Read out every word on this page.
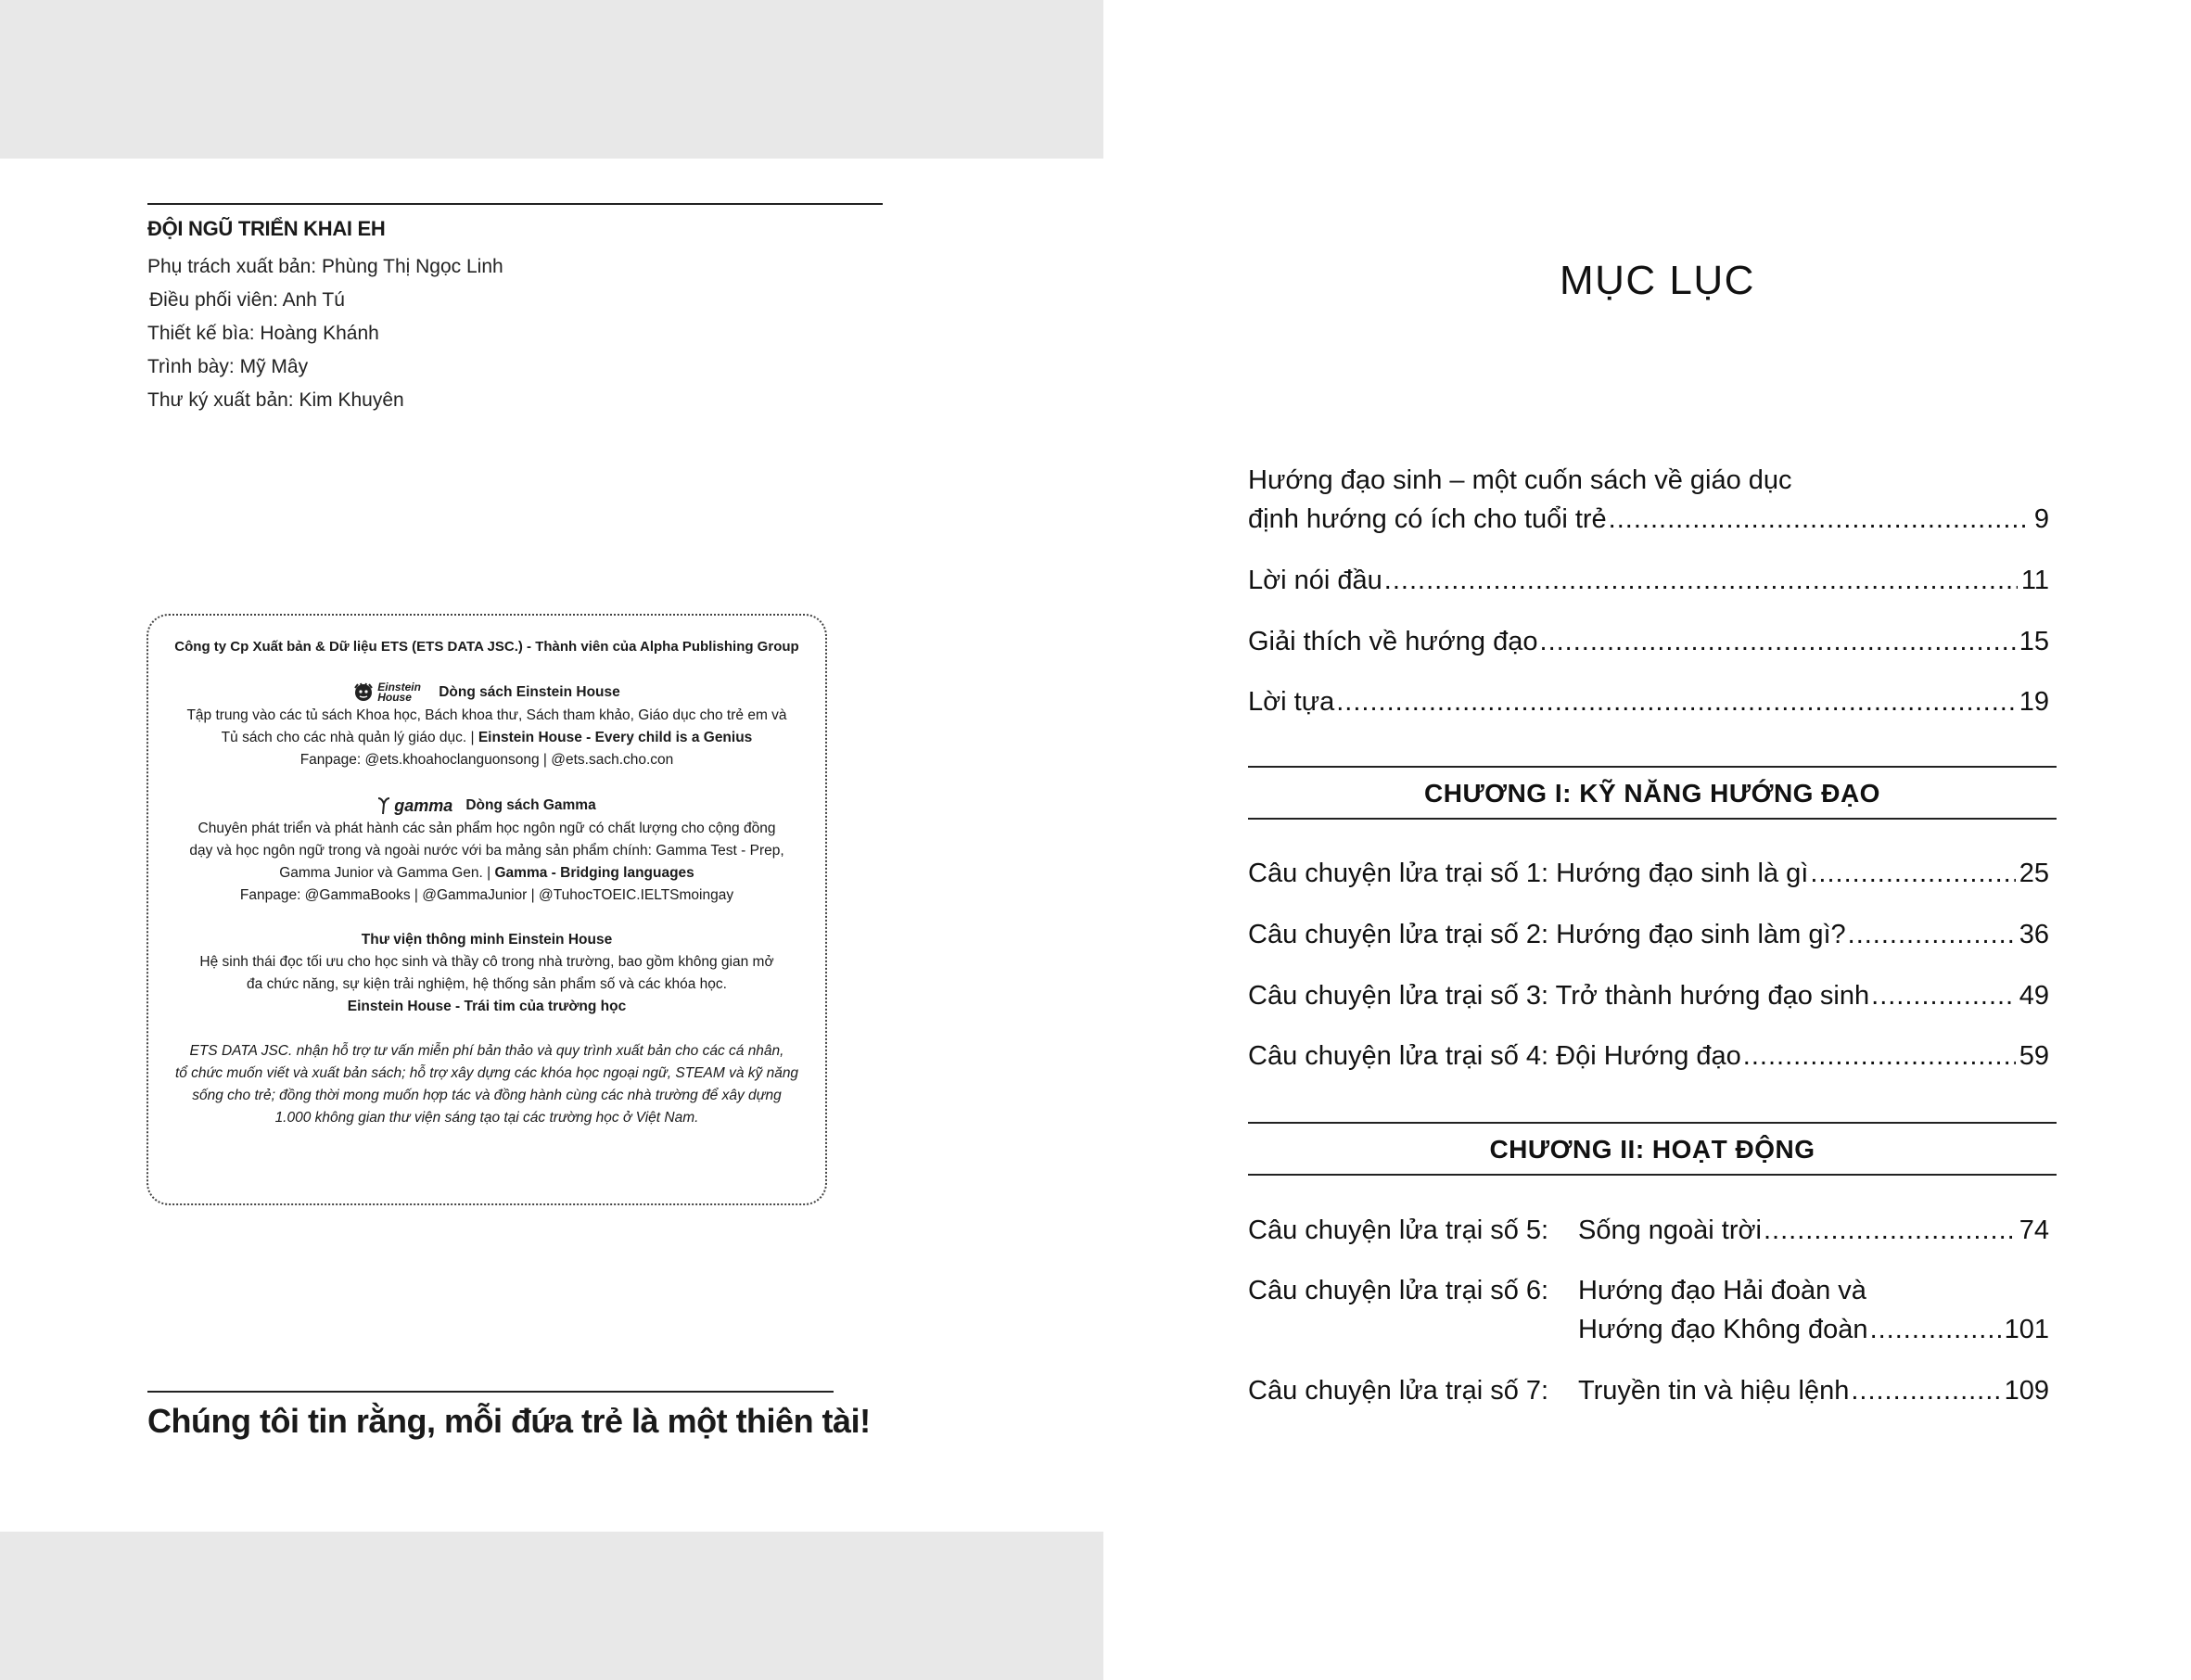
ĐỘI NGŨ TRIỂN KHAI EH
Phụ trách xuất bản: Phùng Thị Ngọc Linh
Điều phối viên: Anh Tú
Thiết kế bìa: Hoàng Khánh
Trình bày: Mỹ Mây
Thư ký xuất bản: Kim Khuyên

Công ty Cp Xuất bản & Dữ liệu ETS (ETS DATA JSC.) - Thành viên của Alpha Publishing Group

Einstein House	Dòng sách Einstein House

Tập trung vào các tủ sách Khoa học, Bách khoa thư, Sách tham khảo, Giáo dục cho trẻ em và

Tủ sách cho các nhà quản lý giáo dục. | Einstein House - Every child is a Genius

Fanpage: @ets.khoahoclanguonsong | @ets.sach.cho.con

gamma Dòng sách Gamma

Chuyên phát triển và phát hành các sản phẩm học ngôn ngữ có chất lượng cho cộng đồng

dạy và học ngôn ngữ trong và ngoài nước với ba mảng sản phẩm chính: Gamma Test - Prep,

Gamma Junior và Gamma Gen. | Gamma - Bridging languages

Fanpage: @GammaBooks | @GammaJunior | @TuhocTOEIC.IELTSmoingay

Thư viện thông minh Einstein House

Hệ sinh thái đọc tối ưu cho học sinh và thầy cô trong nhà trường, bao gồm không gian mở

đa chức năng, sự kiện trải nghiệm, hệ thống sản phẩm số và các khóa học.

Einstein House - Trái tim của trường học

ETS DATA JSC. nhận hỗ trợ tư vấn miễn phí bản thảo và quy trình xuất bản cho các cá nhân,

tổ chức muốn viết và xuất bản sách; hỗ trợ xây dựng các khóa học ngoại ngữ, STEAM và kỹ năng

sống cho trẻ; đồng thời mong muốn hợp tác và đồng hành cùng các nhà trường để xây dựng

1.000 không gian thư viện sáng tạo tại các trường học ở Việt Nam.

Chúng tôi tin rằng, mỗi đứa trẻ là một thiên tài!
MỤC LỤC
Hướng đạo sinh – một cuốn sách về giáo dục
định hướng có ích cho tuổi trẻ .....	9
Lời nói đầu .....	11
Giải thích về hướng đạo .....	15
Lời tựa .....	19
CHƯƠNG I: KỸ NĂNG HƯỚNG ĐẠO
Câu chuyện lửa trại số 1: Hướng đạo sinh là gì .....	25
Câu chuyện lửa trại số 2: Hướng đạo sinh làm gì? .....	36
Câu chuyện lửa trại số 3: Trở thành hướng đạo sinh .....	49
Câu chuyện lửa trại số 4: Đội Hướng đạo .....	59
CHƯƠNG II: HOẠT ĐỘNG
Câu chuyện lửa trại số 5:	Sống ngoài trời .....	74
Câu chuyện lửa trại số 6:	Hướng đạo Hải đoàn và
Hướng đạo Không đoàn .....	101
Câu chuyện lửa trại số 7:	Truyền tin và hiệu lệnh .....	109
